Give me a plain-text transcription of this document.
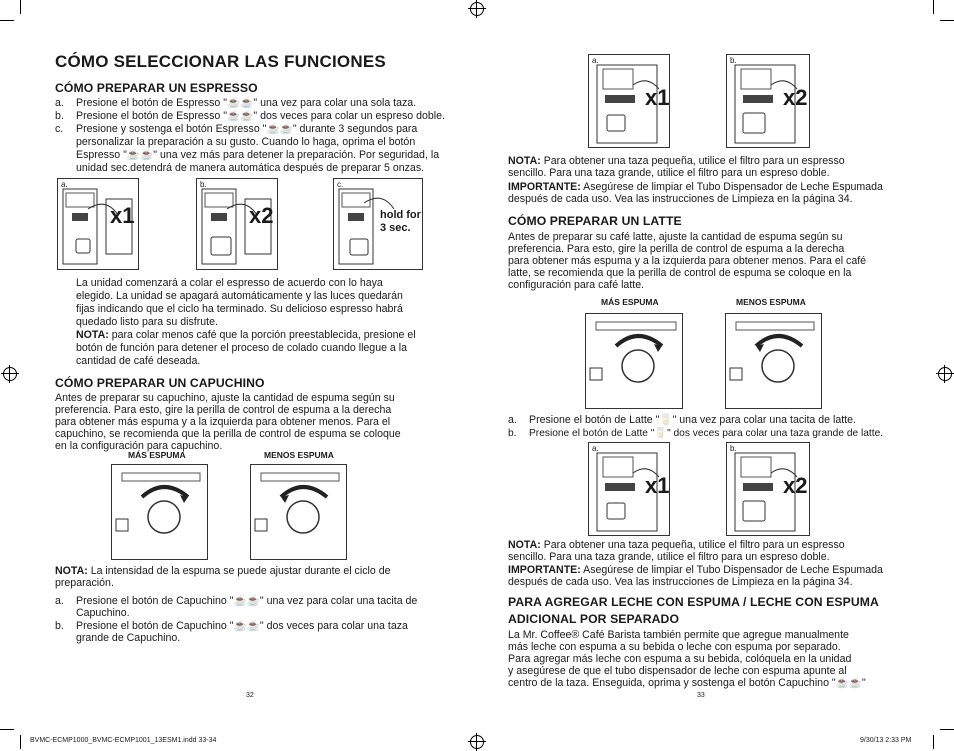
CÓMO SELECCIONAR LAS FUNCIONES
CÓMO PREPARAR UN ESPRESSO
a. Presione el botón de Espresso "☕☕" una vez para colar una sola taza.
b. Presione el botón de Espresso "☕☕" dos veces para colar un espreso doble.
c. Presione y sostenga el botón Espresso "☕☕" durante 3 segundos para
personalizar la preparación a su gusto. Cuando lo haga, oprima el botón
Espresso "☕☕" una vez más para detener la preparación. Por seguridad, la
unidad sec.detendrá de manera automática después de preparar 5 onzas.
a.
x1
b.
x2
c.
hold for 3 sec.
La unidad comenzará a colar el espresso de acuerdo con lo haya
elegido. La unidad se apagará automáticamente y las luces quedarán
fijas indicando que el ciclo ha terminado. Su delicioso espresso habrá
quedado listo para su disfrute.
NOTA: para colar menos café que la porción preestablecida, presione el
botón de función para detener el proceso de colado cuando llegue a la
cantidad de café deseada.
CÓMO PREPARAR UN CAPUCHINO
Antes de preparar su capuchino, ajuste la cantidad de espuma según su
preferencia. Para esto, gire la perilla de control de espuma a la derecha
para obtener más espuma y a la izquierda para obtener menos. Para el
capuchino, se recomienda que la perilla de control de espuma se coloque
en la configuración para capuchino.
MÁS ESPUMA	MENOS ESPUMA
NOTA: La intensidad de la espuma se puede ajustar durante el ciclo de
preparación.
a. Presione el botón de Capuchino "☕☕" una vez para colar una tacita de
Capuchino.
b. Presione el botón de Capuchino "☕☕" dos veces para colar una taza
grande de Capuchino.
32
a.
x1
b.
x2
NOTA: Para obtener una taza pequeña, utilice el filtro para un espresso
sencillo. Para una taza grande, utilice el filtro para un espreso doble.
IMPORTANTE: Asegúrese de limpiar el Tubo Dispensador de Leche Espumada
después de cada uso. Vea las instrucciones de Limpieza en la página 34.
CÓMO PREPARAR UN LATTE
Antes de preparar su café latte, ajuste la cantidad de espuma según su
preferencia. Para esto, gire la perilla de control de espuma a la derecha
para obtener más espuma y a la izquierda para obtener menos. Para el café
latte, se recomienda que la perilla de control de espuma se coloque en la
configuración para café latte.
MÁS ESPUMA	MENOS ESPUMA
a. Presione el botón de Latte "🥛" una vez para colar una tacita de latte.
b. Presione el botón de Latte "🥛" dos veces para colar una taza grande de latte.
a.
x1
b.
x2
NOTA: Para obtener una taza pequeña, utilice el filtro para un espresso
sencillo. Para una taza grande, utilice el filtro para un espreso doble.
IMPORTANTE: Asegúrese de limpiar el Tubo Dispensador de Leche Espumada
después de cada uso. Vea las instrucciones de Limpieza en la página 34.
PARA AGREGAR LECHE CON ESPUMA / LECHE CON ESPUMA
ADICIONAL POR SEPARADO
La Mr. Coffee® Café Barista también permite que agregue manualmente
más leche con espuma a su bebida o leche con espuma por separado.
Para agregar más leche con espuma a su bebida, colóquela en la unidad
y asegúrese de que el tubo dispensador de leche con espuma apunte al
centro de la taza. Enseguida, oprima y sostenga el botón Capuchino "☕☕"
33
BVMC-ECMP1000_BVMC-ECMP1001_13ESM1.indd 33-34	9/30/13 2:33 PM
